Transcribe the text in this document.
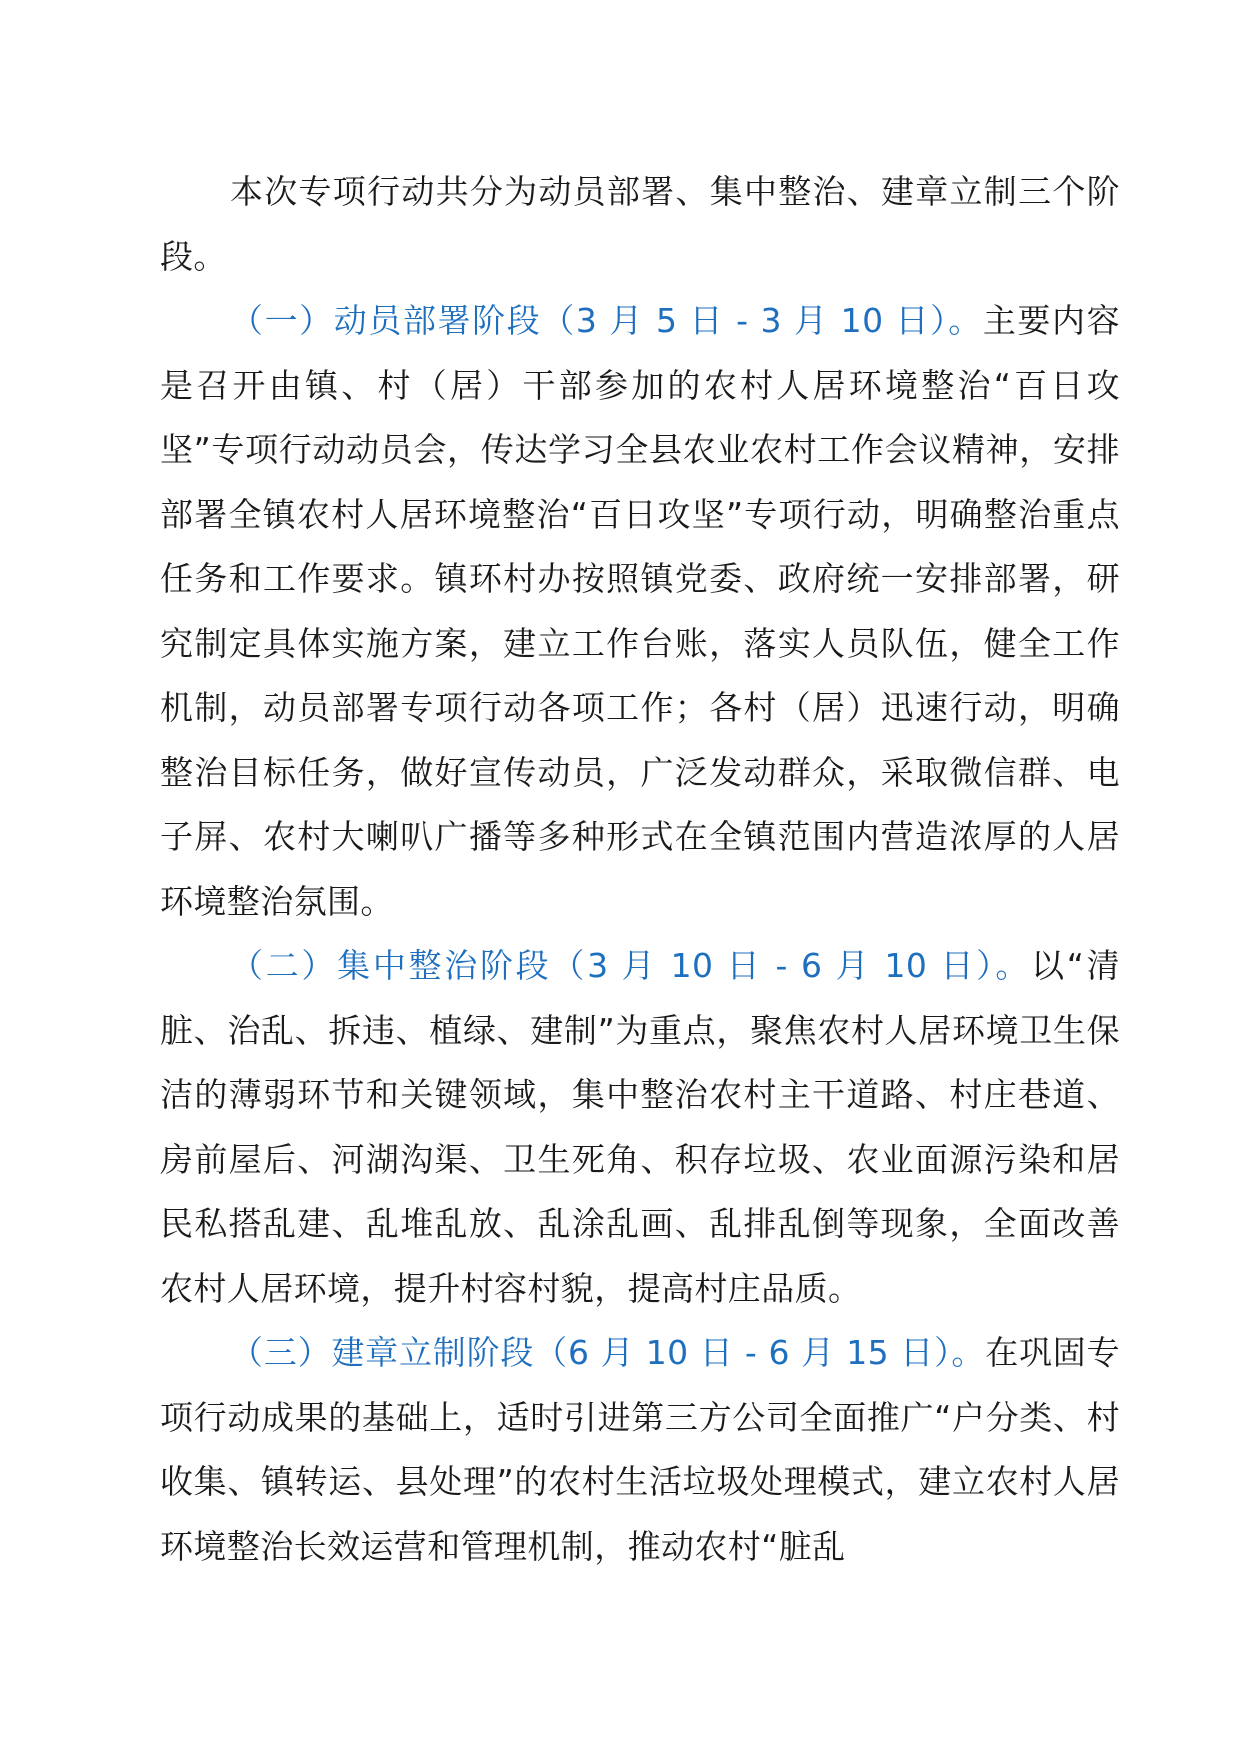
本次专项行动共分为动员部署、集中整治、建章立制三个阶段。

（一）动员部署阶段（3 月 5 日 - 3 月 10 日）。主要内容是召开由镇、村（居）干部参加的农村人居环境整治“百日攻坚”专项行动动员会，传达学习全县农业农村工作会议精神，安排部署全镇农村人居环境整治“百日攻坚”专项行动，明确整治重点任务和工作要求。镇环村办按照镇党委、政府统一安排部署，研究制定具体实施方案，建立工作台账，落实人员队伍，健全工作机制，动员部署专项行动各项工作；各村（居）迅速行动，明确整治目标任务，做好宣传动员，广泛发动群众，采取微信群、电子屏、农村大喇叭广播等多种形式在全镇范围内营造浓厚的人居环境整治氛围。

（二）集中整治阶段（3 月 10 日 - 6 月 10 日）。以“清脏、治乱、拆违、植绿、建制”为重点，聚焦农村人居环境卫生保洁的薄弱环节和关键领域，集中整治农村主干道路、村庄巷道、房前屋后、河湖沟渠、卫生死角、积存垃圾、农业面源污染和居民私搭乱建、乱堆乱放、乱涂乱画、乱排乱倒等现象，全面改善农村人居环境，提升村容村貌，提高村庄品质。

（三）建章立制阶段（6 月 10 日 - 6 月 15 日）。在巩固专项行动成果的基础上，适时引进第三方公司全面推广“户分类、村收集、镇转运、县处理”的农村生活垃圾处理模式，建立农村人居环境整治长效运营和管理机制，推动农村“脏乱
